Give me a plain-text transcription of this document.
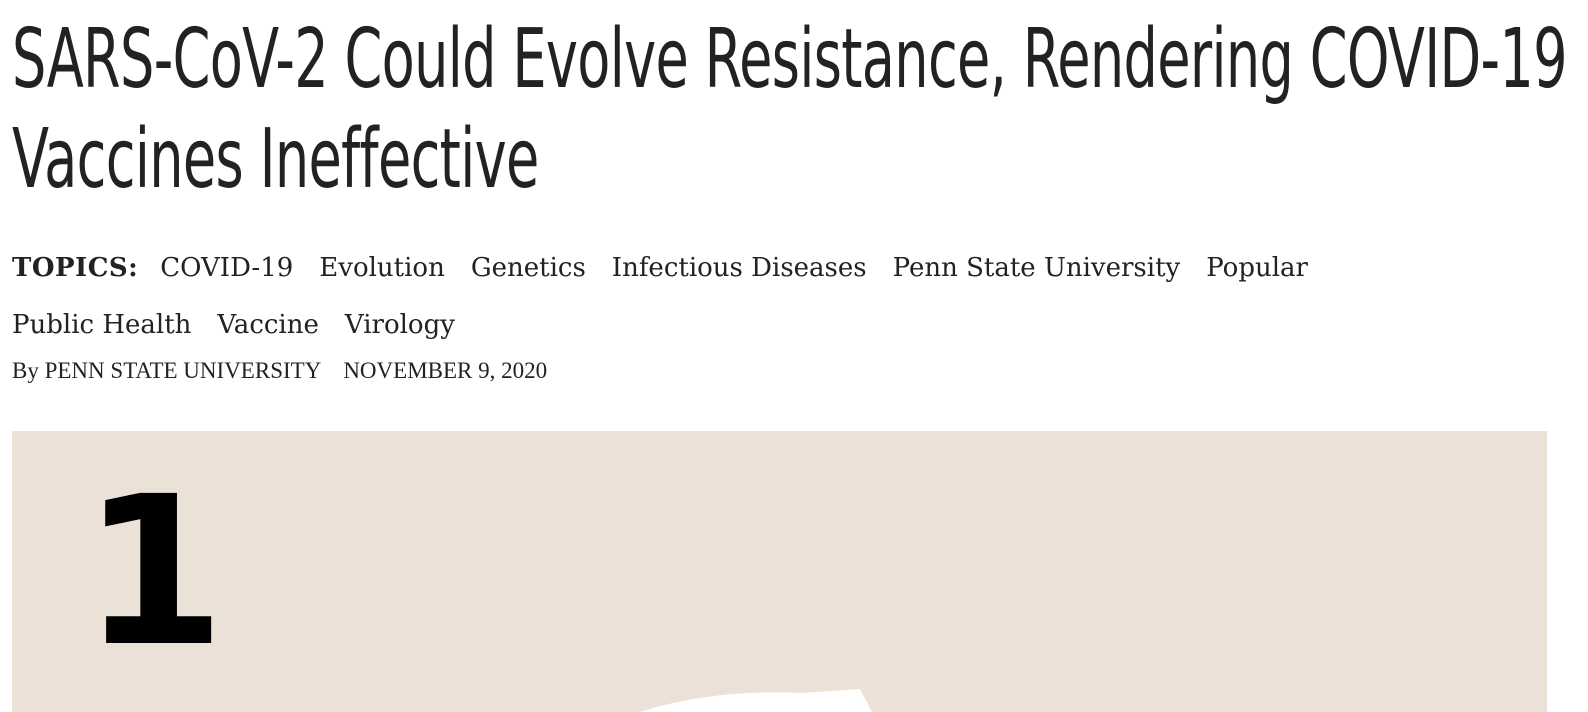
SARS-CoV-2 Could Evolve Resistance, Rendering COVID-19 Vaccines Ineffective
TOPICS: COVID-19 Evolution Genetics Infectious Diseases Penn State University Popular
Public Health Vaccine Virology
By PENN STATE UNIVERSITY NOVEMBER 9, 2020
1
